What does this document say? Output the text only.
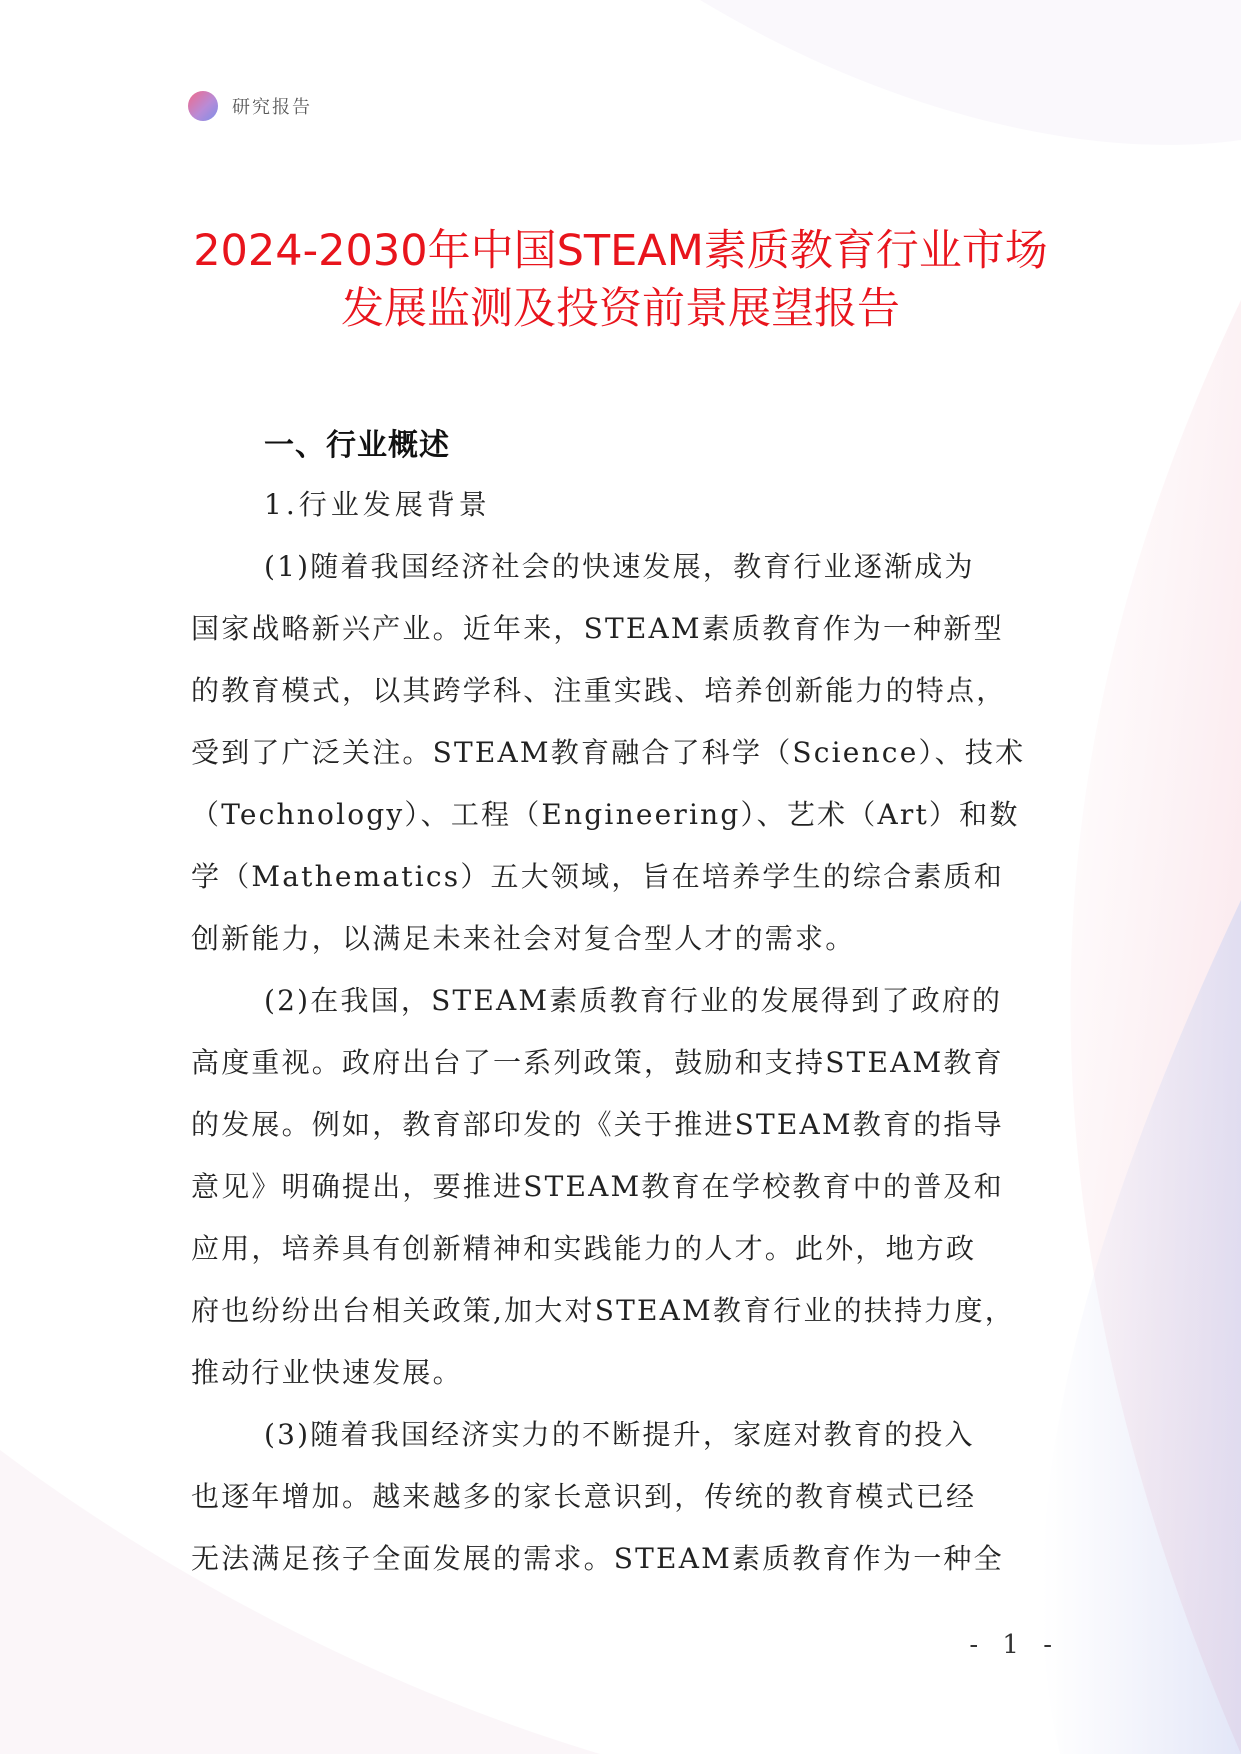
研究报告
2024-2030年中国STEAM素质教育行业市场
发展监测及投资前景展望报告
一、行业概述
1.行业发展背景
(1)随着我国经济社会的快速发展，教育行业逐渐成为
国家战略新兴产业。近年来，STEAM素质教育作为一种新型
的教育模式，以其跨学科、注重实践、培养创新能力的特点，
受到了广泛关注。STEAM教育融合了科学（Science）、技术
（Technology）、工程（Engineering）、艺术（Art）和数
学（Mathematics）五大领域，旨在培养学生的综合素质和
创新能力，以满足未来社会对复合型人才的需求。
(2)在我国，STEAM素质教育行业的发展得到了政府的
高度重视。政府出台了一系列政策，鼓励和支持STEAM教育
的发展。例如，教育部印发的《关于推进STEAM教育的指导
意见》明确提出，要推进STEAM教育在学校教育中的普及和
应用，培养具有创新精神和实践能力的人才。此外，地方政
府也纷纷出台相关政策,加大对STEAM教育行业的扶持力度，
推动行业快速发展。
(3)随着我国经济实力的不断提升，家庭对教育的投入
也逐年增加。越来越多的家长意识到，传统的教育模式已经
无法满足孩子全面发展的需求。STEAM素质教育作为一种全
- 1 -
